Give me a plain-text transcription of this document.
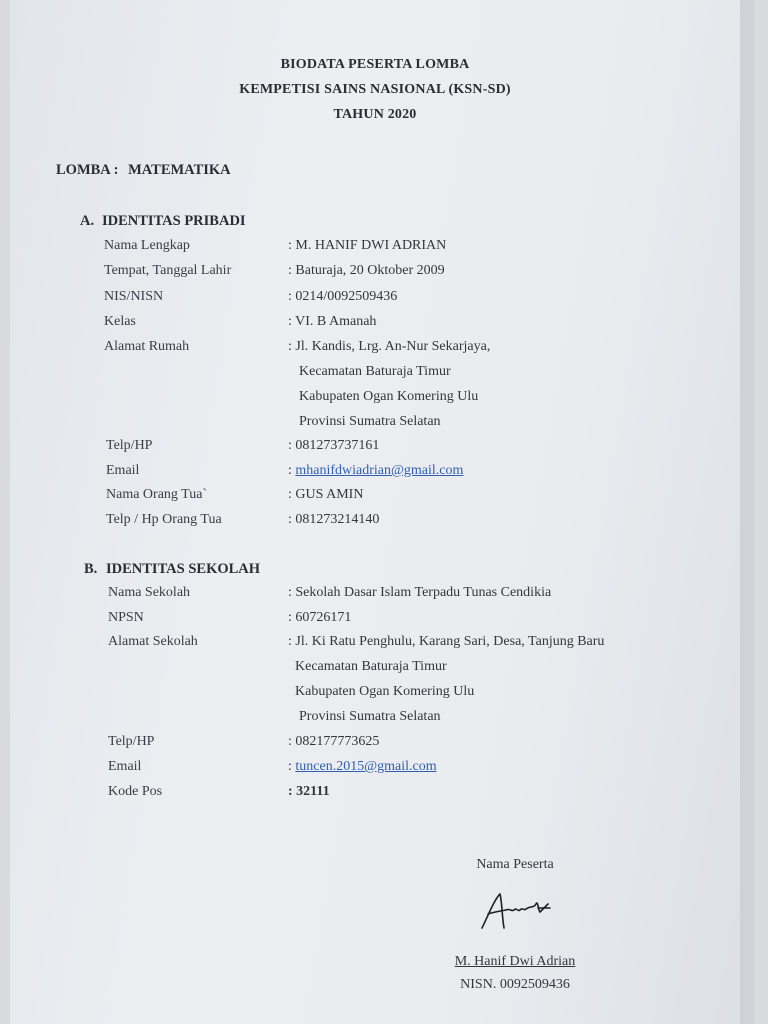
BIODATA PESERTA LOMBA
KEMPETISI SAINS NASIONAL (KSN-SD)
TAHUN 2020
LOMBA : MATEMATIKA
A. IDENTITAS PRIBADI
Nama Lengkap	: M. HANIF DWI ADRIAN
Tempat, Tanggal Lahir	: Baturaja, 20 Oktober 2009
NIS/NISN	: 0214/0092509436
Kelas	: VI. B Amanah
Alamat Rumah	: Jl. Kandis, Lrg. An-Nur Sekarjaya,
Kecamatan Baturaja Timur
Kabupaten Ogan Komering Ulu
Provinsi Sumatra Selatan
Telp/HP	: 081273737161
Email	: mhanifdwiadrian@gmail.com
Nama Orang Tua`	: GUS AMIN
Telp / Hp Orang Tua	: 081273214140
B. IDENTITAS SEKOLAH
Nama Sekolah	: Sekolah Dasar Islam Terpadu Tunas Cendikia
NPSN	: 60726171
Alamat Sekolah	: Jl. Ki Ratu Penghulu, Karang Sari, Desa, Tanjung Baru
Kecamatan Baturaja Timur
Kabupaten Ogan Komering Ulu
Provinsi Sumatra Selatan
Telp/HP	: 082177773625
Email	: tuncen.2015@gmail.com
Kode Pos	: 32111
Nama Peserta
M. Hanif Dwi Adrian
NISN. 0092509436
